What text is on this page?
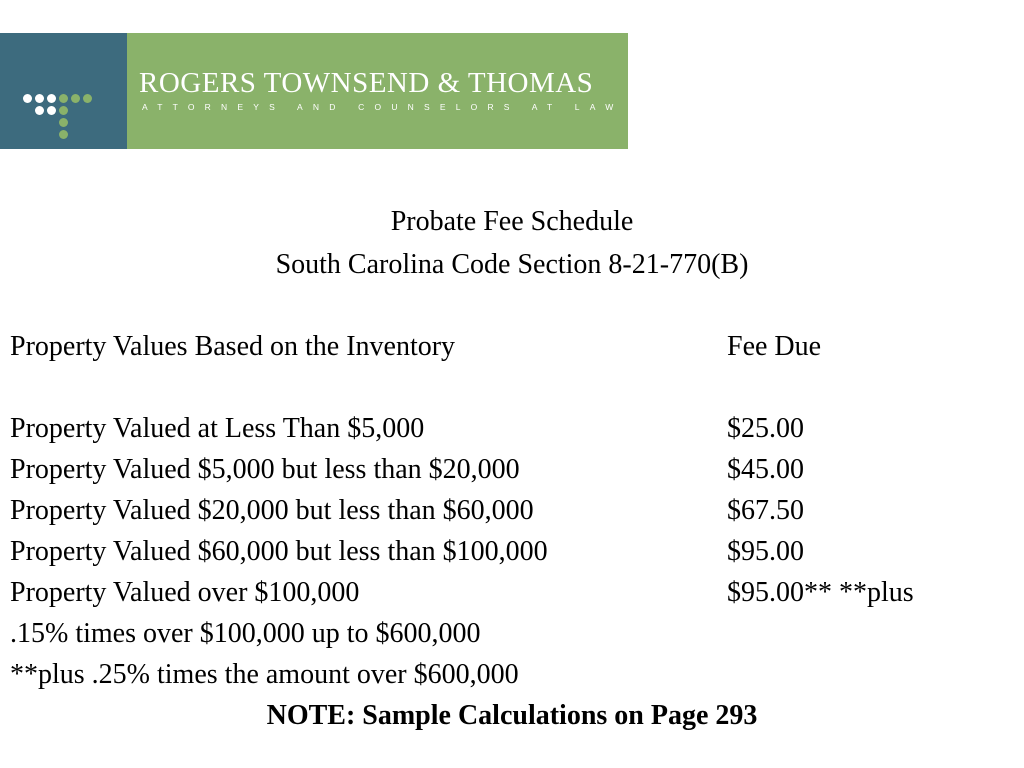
ROGERS TOWNSEND & THOMAS
ATTORNEYS AND COUNSELORS AT LAW
Probate Fee Schedule
South Carolina Code Section 8-21-770(B)
Property Values Based on the Inventory	Fee Due
Property Valued at Less Than $5,000	$25.00
Property Valued $5,000 but less than $20,000	$45.00
Property Valued $20,000 but less than $60,000	$67.50
Property Valued $60,000 but less than $100,000	$95.00
Property Valued over $100,000	$95.00** **plus
.15% times over $100,000 up to $600,000
**plus .25% times the amount over $600,000
NOTE: Sample Calculations on Page 293
